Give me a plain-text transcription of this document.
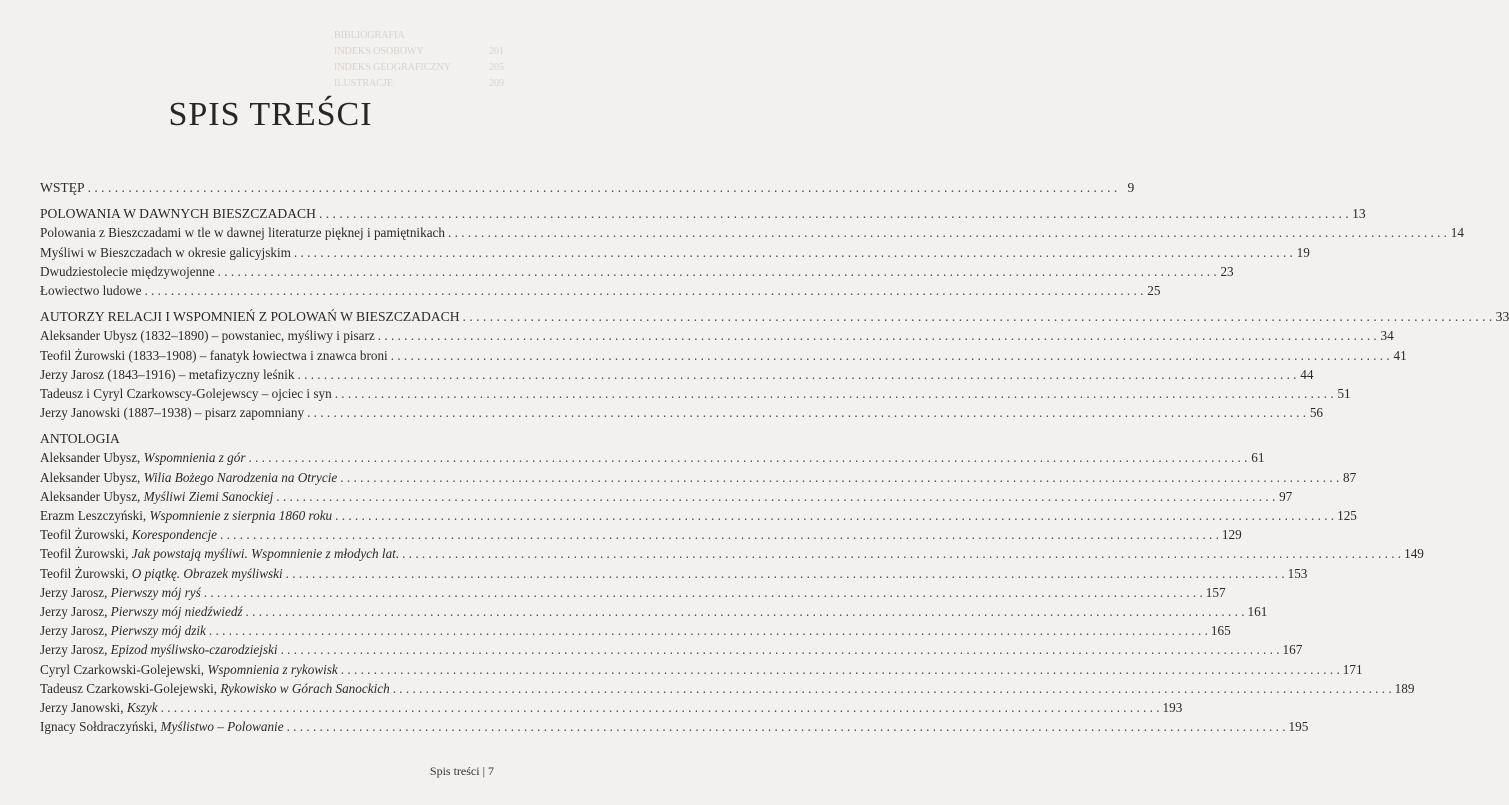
BIBLIOGRAFIA
INDEKS OSOBOWY	201
INDEKS GEOGRAFICZNY	205
ILUSTRACJE	209
SPIS TREŚCI
WSTĘP . . .	9
POLOWANIA W DAWNYCH BIESZCZADACH . . .	13
Polowania z Bieszczadami w tle w dawnej literaturze pięknej i pamiętnikach . . .	14
Myśliwi w Bieszczadach w okresie galicyjskim . . .	19
Dwudziestolecie międzywojenne . . .	23
Łowiectwo ludowe . . .	25
AUTORZY RELACJI I WSPOMNIEŃ Z POLOWAŃ W BIESZCZADACH . . .	33
Aleksander Ubysz (1832–1890) – powstaniec, myśliwy i pisarz . . .	34
Teofil Żurowski (1833–1908) – fanatyk łowiectwa i znawca broni . . .	41
Jerzy Jarosz (1843–1916) – metafizyczny leśnik . . .	44
Tadeusz i Cyryl Czarkowscy-Golejewscy – ojciec i syn . . .	51
Jerzy Janowski (1887–1938) – pisarz zapomniany . . .	56
ANTOLOGIA
Aleksander Ubysz, Wspomnienia z gór . . .	61
Aleksander Ubysz, Wilia Bożego Narodzenia na Otrycie . . .	87
Aleksander Ubysz, Myśliwi Ziemi Sanockiej . . .	97
Erazm Leszczyński, Wspomnienie z sierpnia 1860 roku . . .	125
Teofil Żurowski, Korespondencje . . .	129
Teofil Żurowski, Jak powstają myśliwi. Wspomnienie z młodych lat. . . .	149
Teofil Żurowski, O piątkę. Obrazek myśliwski . . .	153
Jerzy Jarosz, Pierwszy mój ryś . . .	157
Jerzy Jarosz, Pierwszy mój niedźwiedź . . .	161
Jerzy Jarosz, Pierwszy mój dzik . . .	165
Jerzy Jarosz, Epizod myśliwsko-czarodziejski . . .	167
Cyryl Czarkowski-Golejewski, Wspomnienia z rykowisk . . .	171
Tadeusz Czarkowski-Golejewski, Rykowisko w Górach Sanockich . . .	189
Jerzy Janowski, Kszyk . . .	193
Ignacy Sołdraczyński, Myślistwo – Polowanie . . .	195
Spis treści | 7
